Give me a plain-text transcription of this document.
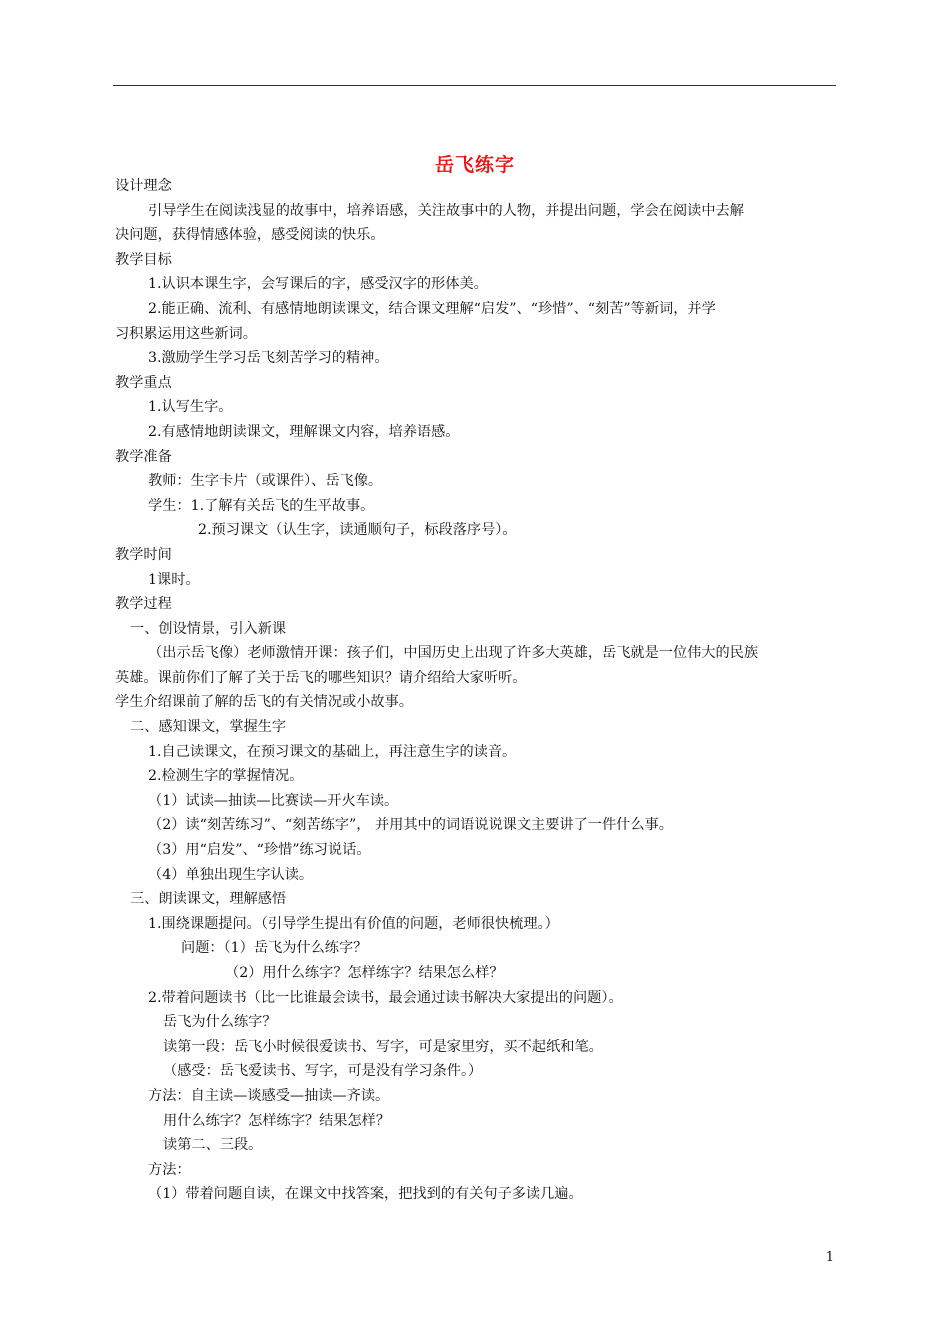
岳飞练字

设计理念

引导学生在阅读浅显的故事中，培养语感，关注故事中的人物，并提出问题，学会在阅读中去解

决问题，获得情感体验，感受阅读的快乐。

教学目标

1.认识本课生字，会写课后的字，感受汉字的形体美。

2.能正确、流利、有感情地朗读课文，结合课文理解“启发”、“珍惜”、“刻苦”等新词，并学

习积累运用这些新词。

3.激励学生学习岳飞刻苦学习的精神。

教学重点

1.认写生字。

2.有感情地朗读课文，理解课文内容，培养语感。

教学准备

教师：生字卡片（或课件）、岳飞像。

学生：1.了解有关岳飞的生平故事。

2.预习课文（认生字，读通顺句子，标段落序号）。

教学时间

1课时。

教学过程

一、创设情景，引入新课

（出示岳飞像）老师激情开课：孩子们，中国历史上出现了许多大英雄，岳飞就是一位伟大的民族

英雄。课前你们了解了关于岳飞的哪些知识？请介绍给大家听听。

学生介绍课前了解的岳飞的有关情况或小故事。

二、感知课文，掌握生字

1.自己读课文，在预习课文的基础上，再注意生字的读音。

2.检测生字的掌握情况。

（1）试读—抽读—比赛读—开火车读。

（2）读“刻苦练习”、“刻苦练字”， 并用其中的词语说说课文主要讲了一件什么事。

（3）用“启发”、“珍惜”练习说话。

（4）单独出现生字认读。

三、朗读课文，理解感悟

1.围绕课题提问。（引导学生提出有价值的问题，老师很快梳理。）

问题：（1）岳飞为什么练字？

（2）用什么练字？怎样练字？结果怎么样？

2.带着问题读书（比一比谁最会读书，最会通过读书解决大家提出的问题）。

岳飞为什么练字？

读第一段：岳飞小时候很爱读书、写字，可是家里穷，买不起纸和笔。

（感受：岳飞爱读书、写字，可是没有学习条件。）

方法：自主读—谈感受—抽读—齐读。

用什么练字？怎样练字？结果怎样？

读第二、三段。

方法：

（1）带着问题自读，在课文中找答案，把找到的有关句子多读几遍。

1
